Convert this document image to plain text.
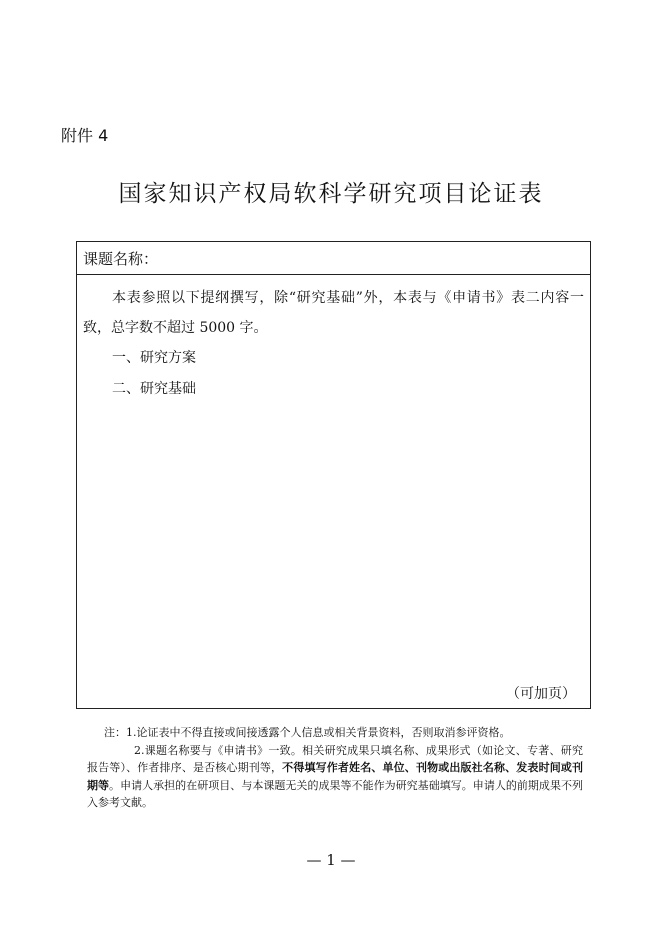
附件 4
国家知识产权局软科学研究项目论证表
课题名称：

本表参照以下提纲撰写，除“研究基础”外，本表与《申请书》表二内容一致，总字数不超过 5000 字。

一、研究方案

二、研究基础

（可加页）

注：1.论证表中不得直接或间接透露个人信息或相关背景资料，否则取消参评资格。

2.课题名称要与《申请书》一致。相关研究成果只填名称、成果形式（如论文、专著、研究报告等）、作者排序、是否核心期刊等，不得填写作者姓名、单位、刊物或出版社名称、发表时间或刊期等。申请人承担的在研项目、与本课题无关的成果等不能作为研究基础填写。申请人的前期成果不列入参考文献。

— 1 —
